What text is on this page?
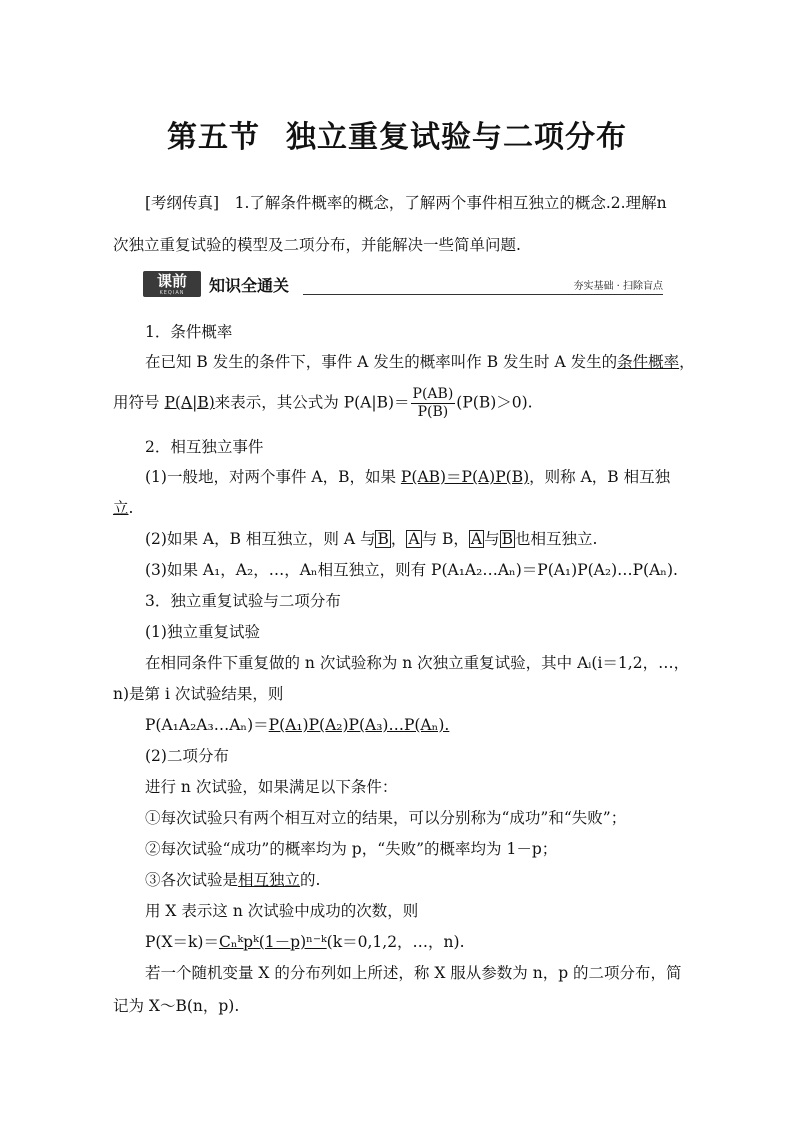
第五节 独立重复试验与二项分布
[考纲传真]　1.了解条件概率的概念，了解两个事件相互独立的概念.2.理解n
次独立重复试验的模型及二项分布，并能解决一些简单问题.
课前
KEQIAN	知识全通关	夯实基础 · 扫除盲点
1．条件概率
在已知 B 发生的条件下，事件 A 发生的概率叫作 B 发生时 A 发生的条件概率，
用符号 P(A|B)来表示，其公式为 $P(A|B)= \frac{P(AB)}{P(B)} (P(B)>0)$.
2．相互独立事件
(1)一般地，对两个事件 A，B，如果 P(AB)＝P(A)P(B)，则称 A，B 相互独
立.
(2)如果 A，B 相互独立，则 A 与 B ， A 与 B， A 与 B 也相互独立.
(3)如果 A₁，A₂，…，Aₙ相互独立，则有 P(A₁A₂…Aₙ)＝P(A₁)P(A₂)…P(Aₙ).
3．独立重复试验与二项分布
(1)独立重复试验
在相同条件下重复做的 n 次试验称为 n 次独立重复试验，其中 Aᵢ(i＝1,2，…，
n)是第 i 次试验结果，则
P(A₁A₂A₃…Aₙ)＝P(A₁)P(A₂)P(A₃)…P(Aₙ).
(2)二项分布
进行 n 次试验，如果满足以下条件：
①每次试验只有两个相互对立的结果，可以分别称为“成功”和“失败”；
②每次试验“成功”的概率均为 p，“失败”的概率均为 1－p；
③各次试验是相互独立的.
用 X 表示这 n 次试验中成功的次数，则
P(X＝k)＝Cₙᵏpᵏ(1－p)ⁿ⁻ᵏ(k＝0,1,2，…，n).
若一个随机变量 X 的分布列如上所述，称 X 服从参数为 n，p 的二项分布，简
记为 X～B(n，p).
